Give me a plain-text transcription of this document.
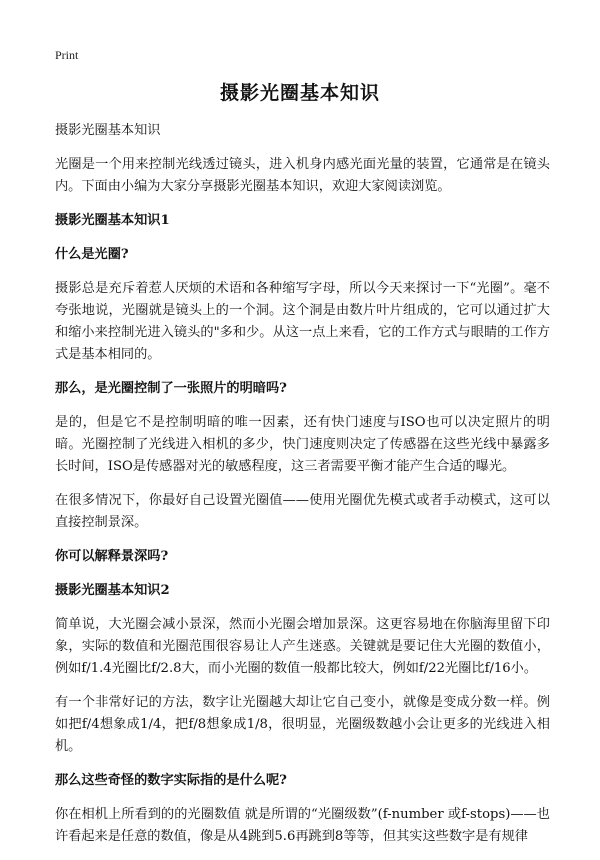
Print
摄影光圈基本知识

摄影光圈基本知识

光圈是一个用来控制光线透过镜头，进入机身内感光面光量的装置，它通常是在镜头内。下面由小编为大家分享摄影光圈基本知识，欢迎大家阅读浏览。

摄影光圈基本知识1
什么是光圈?

摄影总是充斥着惹人厌烦的术语和各种缩写字母，所以今天来探讨一下“光圈”。毫不夸张地说，光圈就是镜头上的一个洞。这个洞是由数片叶片组成的，它可以通过扩大和缩小来控制光进入镜头的"多和少。从这一点上来看，它的工作方式与眼睛的工作方式是基本相同的。

那么，是光圈控制了一张照片的明暗吗?

是的，但是它不是控制明暗的唯一因素，还有快门速度与ISO也可以决定照片的明暗。光圈控制了光线进入相机的多少，快门速度则决定了传感器在这些光线中暴露多长时间，ISO是传感器对光的敏感程度，这三者需要平衡才能产生合适的曝光。

在很多情况下，你最好自己设置光圈值——使用光圈优先模式或者手动模式，这可以直接控制景深。

你可以解释景深吗?
摄影光圈基本知识2

简单说，大光圈会减小景深，然而小光圈会增加景深。这更容易地在你脑海里留下印象，实际的数值和光圈范围很容易让人产生迷惑。关键就是要记住大光圈的数值小，例如f/1.4光圈比f/2.8大，而小光圈的数值一般都比较大，例如f/22光圈比f/16小。

有一个非常好记的方法，数字让光圈越大却让它自己变小，就像是变成分数一样。例如把f/4想象成1/4，把f/8想象成1/8，很明显，光圈级数越小会让更多的光线进入相机。

那么这些奇怪的数字实际指的是什么呢?

你在相机上所看到的的光圈数值 就是所谓的“光圈级数”(f-number 或f-stops)——也许看起来是任意的数值，像是从4跳到5.6再跳到8等等，但其实这些数字是有规律
